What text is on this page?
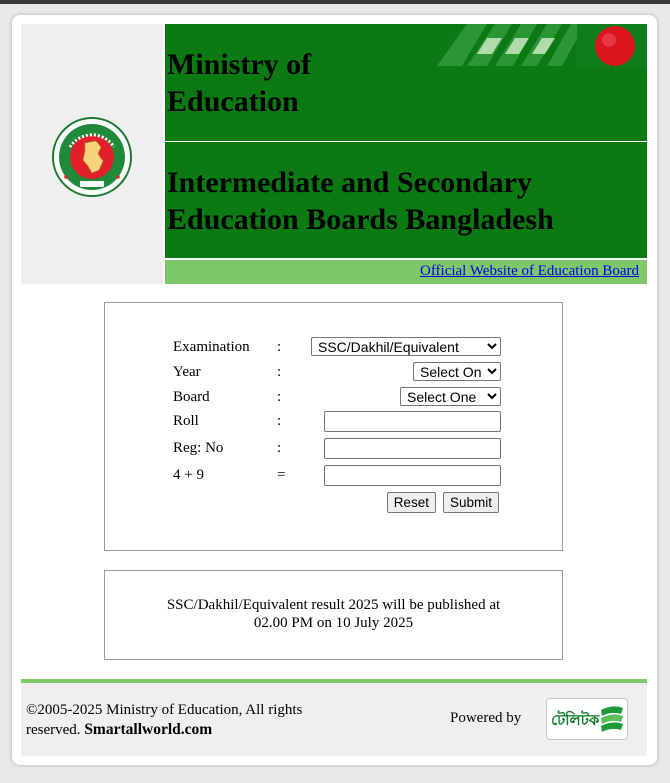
Ministry of Education
Intermediate and Secondary Education Boards Bangladesh
Official Website of Education Board
Examination :
SSC/Dakhil/Equivalent
Year	:
Select One
Board	:
Select One
Roll	:
Reg: No	:
4 + 9	=
Reset Submit
SSC/Dakhil/Equivalent result 2025 will be published at
02.00 PM on 10 July 2025
©2005-2025 Ministry of Education, All rights reserved. Smartallworld.com
Powered by টেলিটক
